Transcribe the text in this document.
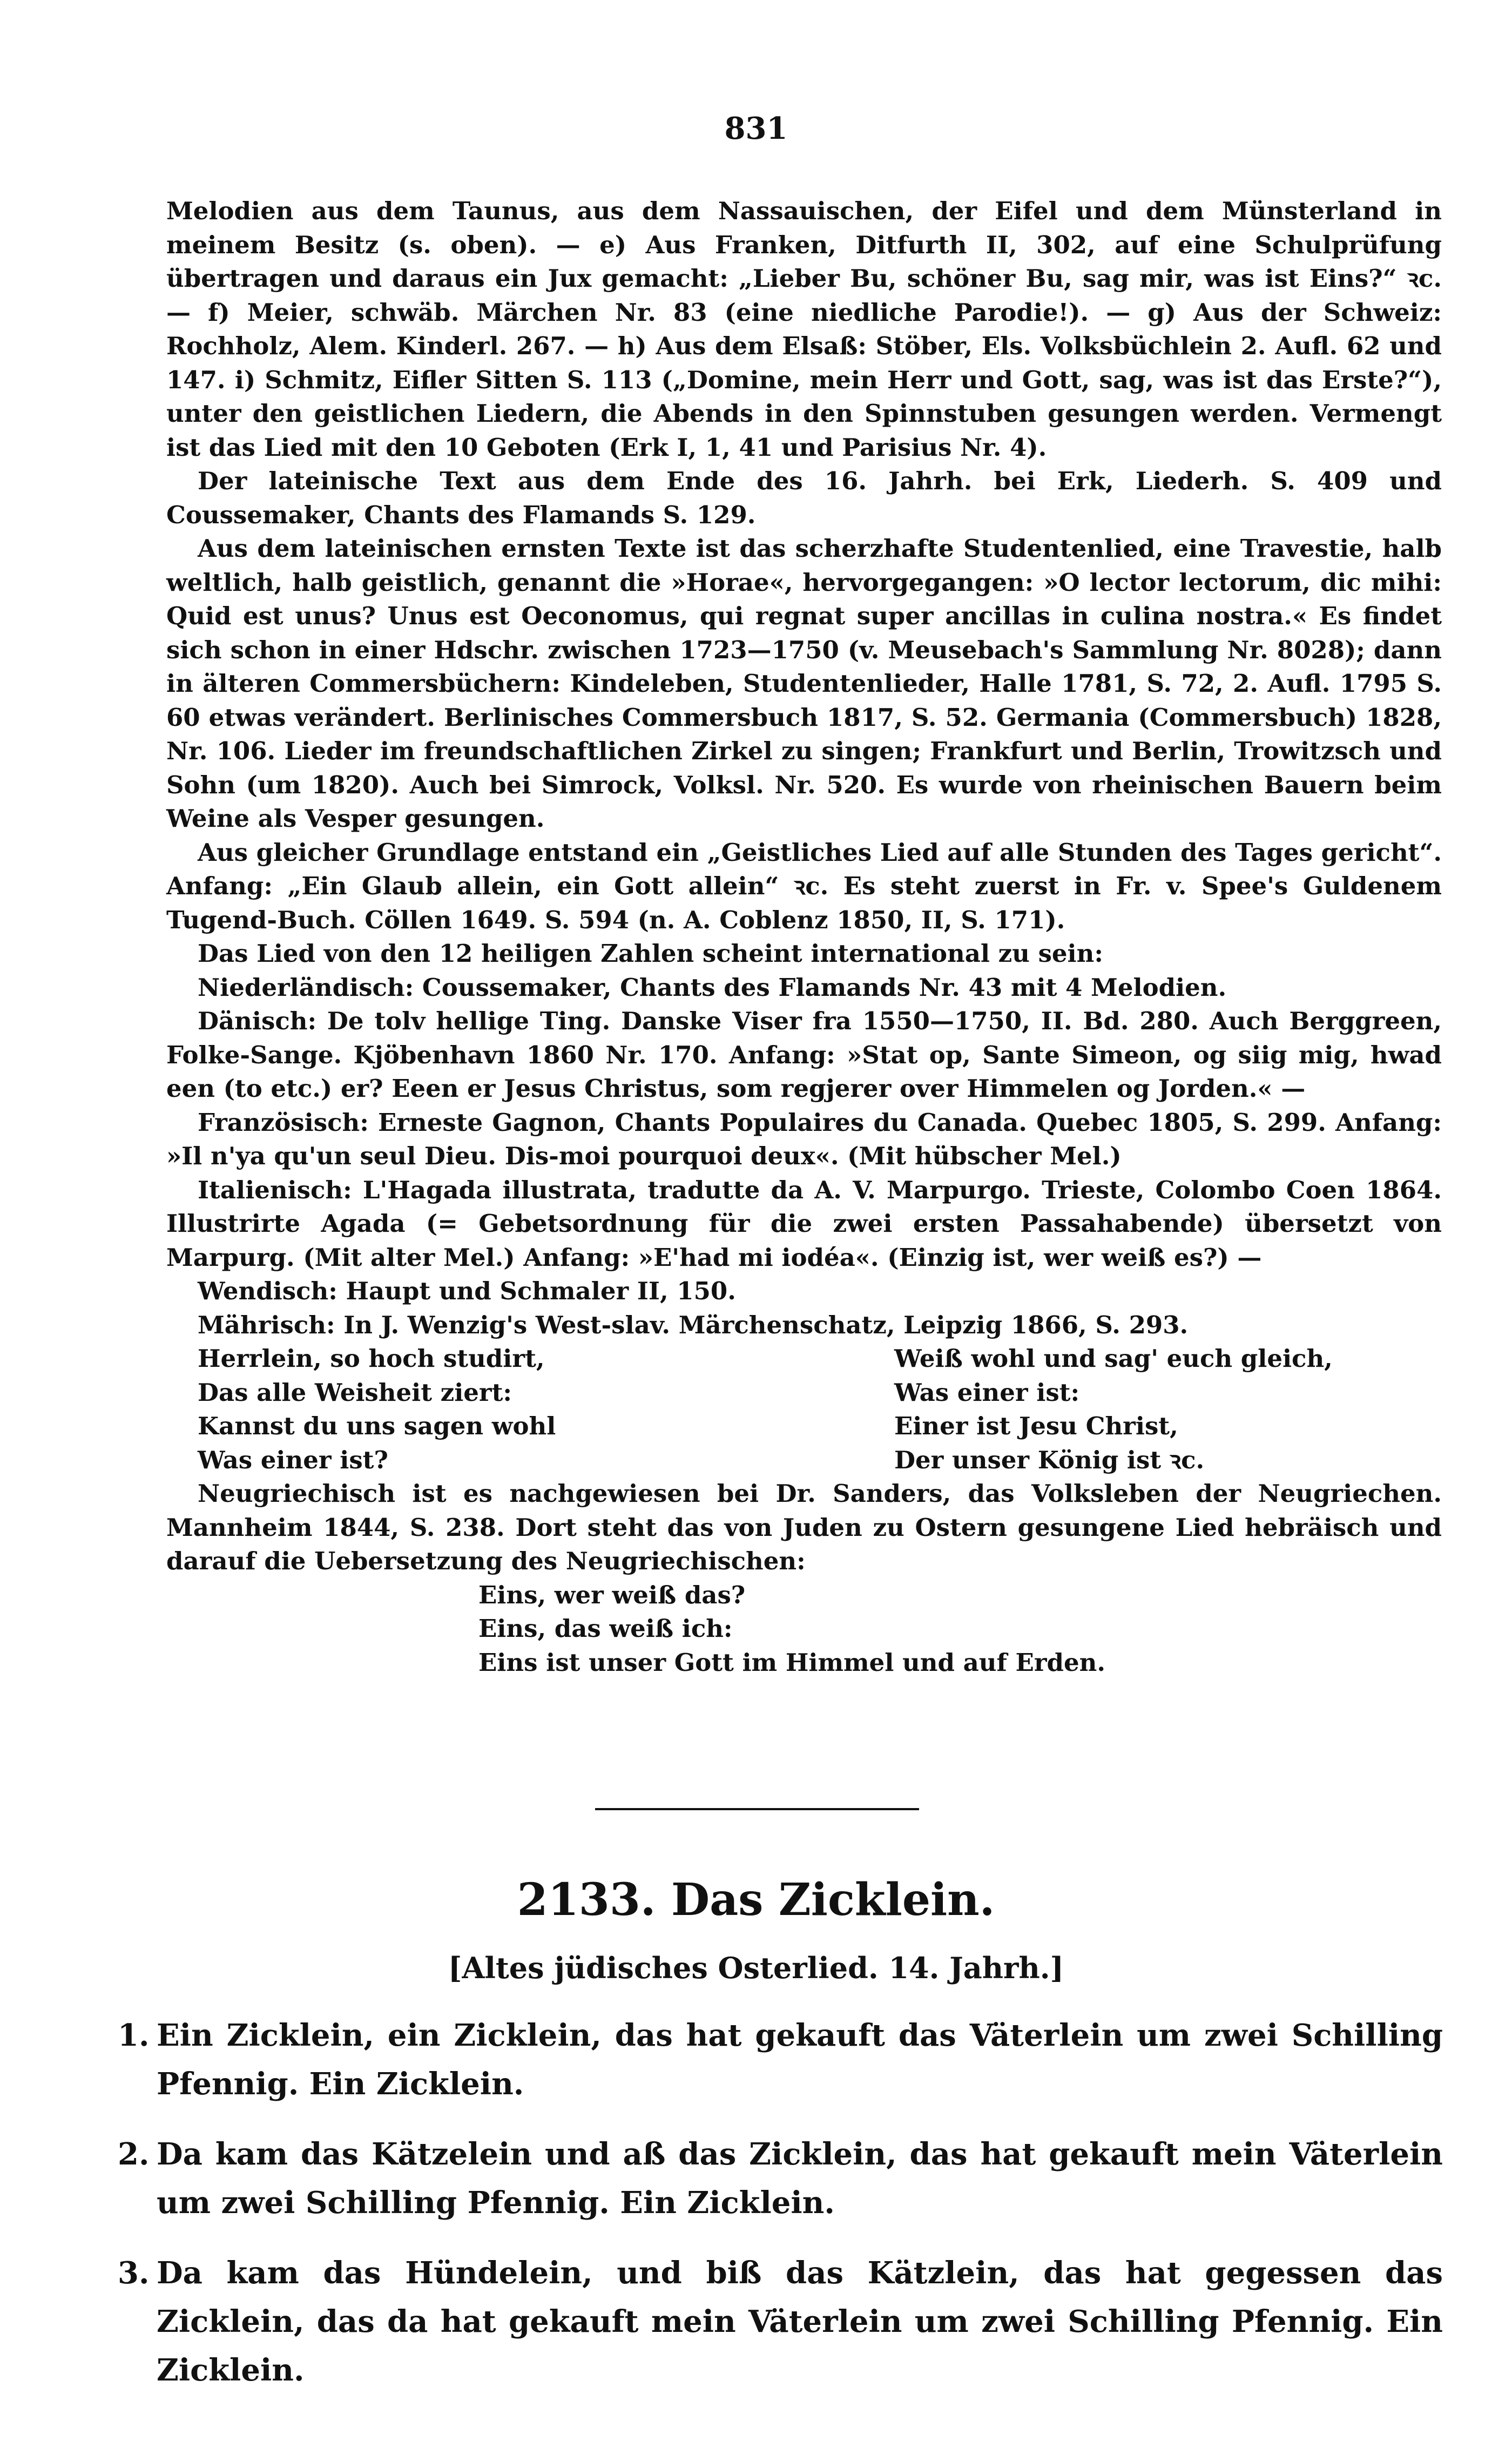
831

Melodien aus dem Taunus, aus dem Nassauischen, der Eifel und dem Münsterland in meinem Besitz (s. oben). — e) Aus Franken, Ditfurth II, 302, auf eine Schulprüfung übertragen und daraus ein Jux gemacht: „Lieber Bu, schöner Bu, sag mir, was ist Eins?“ ꝛc. — f) Meier, schwäb. Märchen Nr. 83 (eine niedliche Parodie!). — g) Aus der Schweiz: Rochholz, Alem. Kinderl. 267. — h) Aus dem Elsaß: Stöber, Els. Volksbüchlein 2. Aufl. 62 und 147. i) Schmitz, Eifler Sitten S. 113 („Domine, mein Herr und Gott, sag, was ist das Erste?“), unter den geistlichen Liedern, die Abends in den Spinnstuben gesungen werden. Vermengt ist das Lied mit den 10 Geboten (Erk I, 1, 41 und Parisius Nr. 4).

Der lateinische Text aus dem Ende des 16. Jahrh. bei Erk, Liederh. S. 409 und Coussemaker, Chants des Flamands S. 129.

Aus dem lateinischen ernsten Texte ist das scherzhafte Studentenlied, eine Travestie, halb weltlich, halb geistlich, genannt die »Horae«, hervorgegangen: »O lector lectorum, dic mihi: Quid est unus? Unus est Oeconomus, qui regnat super ancillas in culina nostra.« Es findet sich schon in einer Hdschr. zwischen 1723—1750 (v. Meusebach's Sammlung Nr. 8028); dann in älteren Commersbüchern: Kindeleben, Studentenlieder, Halle 1781, S. 72, 2. Aufl. 1795 S. 60 etwas verändert. Berlinisches Commersbuch 1817, S. 52. Germania (Commersbuch) 1828, Nr. 106. Lieder im freundschaftlichen Zirkel zu singen; Frankfurt und Berlin, Trowitzsch und Sohn (um 1820). Auch bei Simrock, Volksl. Nr. 520. Es wurde von rheinischen Bauern beim Weine als Vesper gesungen.

Aus gleicher Grundlage entstand ein „Geistliches Lied auf alle Stunden des Tages gericht“. Anfang: „Ein Glaub allein, ein Gott allein“ ꝛc. Es steht zuerst in Fr. v. Spee's Guldenem Tugend-Buch. Cöllen 1649. S. 594 (n. A. Coblenz 1850, II, S. 171).

Das Lied von den 12 heiligen Zahlen scheint international zu sein:

Niederländisch: Coussemaker, Chants des Flamands Nr. 43 mit 4 Melodien.

Dänisch: De tolv hellige Ting. Danske Viser fra 1550—1750, II. Bd. 280. Auch Berggreen, Folke-Sange. Kjöbenhavn 1860 Nr. 170. Anfang: »Stat op, Sante Simeon, og siig mig, hwad een (to etc.) er? Eeen er Jesus Christus, som regjerer over Himmelen og Jorden.« —

Französisch: Erneste Gagnon, Chants Populaires du Canada. Quebec 1805, S. 299. Anfang: »Il n'ya qu'un seul Dieu. Dis-moi pourquoi deux«. (Mit hübscher Mel.)

Italienisch: L'Hagada illustrata, tradutte da A. V. Marpurgo. Trieste, Colombo Coen 1864. Illustrirte Agada (= Gebetsordnung für die zwei ersten Passahabende) übersetzt von Marpurg. (Mit alter Mel.) Anfang: »E'had mi iodéa«. (Einzig ist, wer weiß es?) —

Wendisch: Haupt und Schmaler II, 150.

Mährisch: In J. Wenzig's West-slav. Märchenschatz, Leipzig 1866, S. 293.

Herrlein, so hoch studirt,
Das alle Weisheit ziert:
Kannst du uns sagen wohl
Was einer ist?
Weiß wohl und sag' euch gleich,
Was einer ist:
Einer ist Jesu Christ,
Der unser König ist ꝛc.

Neugriechisch ist es nachgewiesen bei Dr. Sanders, das Volksleben der Neugriechen. Mannheim 1844, S. 238. Dort steht das von Juden zu Ostern gesungene Lied hebräisch und darauf die Uebersetzung des Neugriechischen:

Eins, wer weiß das?
Eins, das weiß ich:
Eins ist unser Gott im Himmel und auf Erden.
2133. Das Zicklein.
[Altes jüdisches Osterlied. 14. Jahrh.]
1. Ein Zicklein, ein Zicklein, das hat gekauft das Väterlein um zwei Schilling Pfennig. Ein Zicklein.
2. Da kam das Kätzelein und aß das Zicklein, das hat gekauft mein Väterlein um zwei Schilling Pfennig. Ein Zicklein.
3. Da kam das Hündelein, und biß das Kätzlein, das hat gegessen das Zicklein, das da hat gekauft mein Väterlein um zwei Schilling Pfennig. Ein Zicklein.
